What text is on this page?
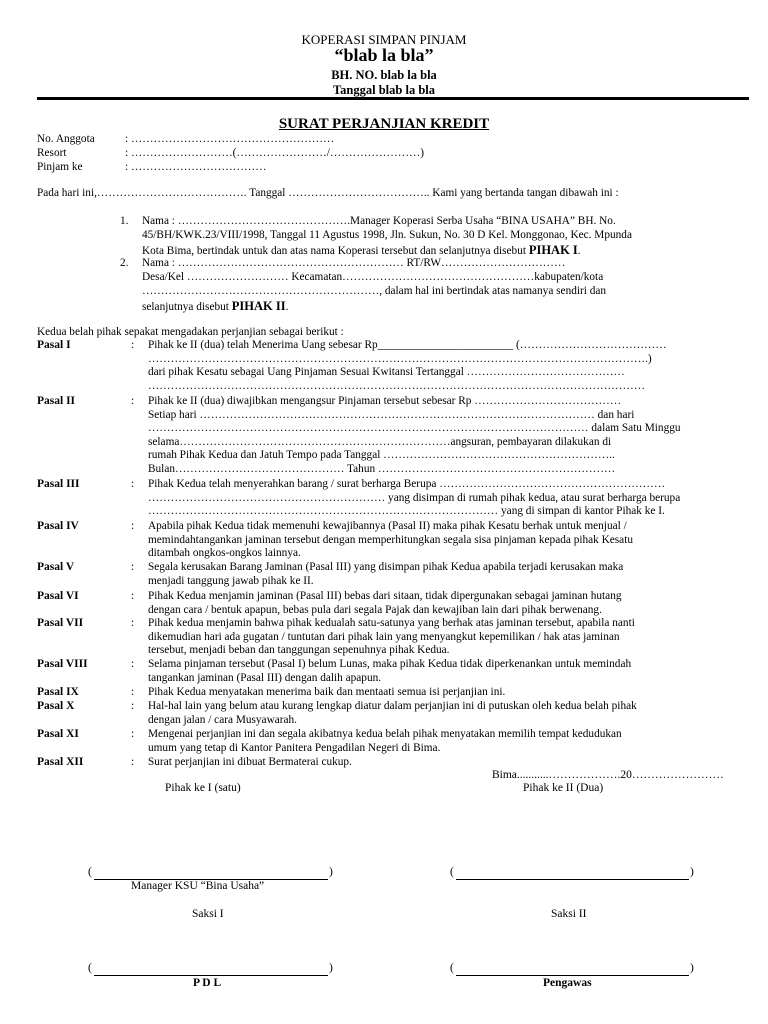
KOPERASI SIMPAN PINJAM
“blab la bla”
BH. NO. blab la bla
Tanggal blab la bla
SURAT PERJANJIAN KREDIT
No. Anggota	: ………………………………………………
Resort	: ………………………(……………………/……………………)
Pinjam ke	: ………………………………
Pada hari ini,…………………………………. Tanggal ……………………………….. Kami yang bertanda tangan dibawah ini :
1. Nama : ……………………………………….Manager Koperasi Serba Usaha “BINA USAHA” BH. No.
45/BH/KWK.23/VIII/1998, Tanggal 11 Agustus 1998, Jln. Sukun, No. 30 D Kel. Monggonao, Kec. Mpunda
Kota Bima, bertindak untuk dan atas nama Koperasi tersebut dan selanjutnya disebut PIHAK I.
2. Nama : …………………………………………………… RT/RW……………………………
Desa/Kel ……………………… Kecamatan……………………………………………kabupaten/kota
………………………………………………………, dalam hal ini bertindak atas namanya sendiri dan
selanjutnya disebut PIHAK II.
Kedua belah pihak sepakat mengadakan perjanjian sebagai berikut :
Pasal I	: Pihak ke II (dua) telah Menerima Uang sebesar Rp________________________ (…………………………………
…………………………………………………………………………………………………………………….)
dari pihak Kesatu sebagai Uang Pinjaman Sesuai Kwitansi Tertanggal ……………………………………
……………………………………………………………………………………………………………………
Pasal II	: Pihak ke II (dua) diwajibkan mengangsur Pinjaman tersebut sebesar Rp …………………………………
Setiap hari …………………………………………………………………………………………… dan hari
……………………………………………………………………………………………………… dalam Satu Minggu
selama………………………………………………………………angsuran, pembayaran dilakukan di
rumah Pihak Kedua dan Jatuh Tempo pada Tanggal ……………………………………………………..
Bulan……………………………………… Tahun ………………………………………………………
Pasal III	: Pihak Kedua telah menyerahkan barang / surat berharga Berupa ……………………………………………………
……………………………………………………… yang disimpan di rumah pihak kedua, atau surat berharga berupa
………………………………………………………………………………… yang di simpan di kantor Pihak ke I.
Pasal IV	: Apabila pihak Kedua tidak memenuhi kewajibannya (Pasal II) maka pihak Kesatu berhak untuk menjual /
memindahtangankan jaminan tersebut dengan memperhitungkan segala sisa pinjaman kepada pihak Kesatu
ditambah ongkos-ongkos lainnya.
Pasal V	: Segala kerusakan Barang Jaminan (Pasal III) yang disimpan pihak Kedua apabila terjadi kerusakan maka
menjadi tanggung jawab pihak ke II.
Pasal VI	: Pihak Kedua menjamin jaminan (Pasal III) bebas dari sitaan, tidak dipergunakan sebagai jaminan hutang
dengan cara / bentuk apapun, bebas pula dari segala Pajak dan kewajiban lain dari pihak berwenang.
Pasal VII	: Pihak kedua menjamin bahwa pihak kedualah satu-satunya yang berhak atas jaminan tersebut, apabila nanti
dikemudian hari ada gugatan / tuntutan dari pihak lain yang menyangkut kepemilikan / hak atas jaminan
tersebut, menjadi beban dan tanggungan sepenuhnya pihak Kedua.
Pasal VIII	: Selama pinjaman tersebut (Pasal I) belum Lunas, maka pihak Kedua tidak diperkenankan untuk memindah
tangankan jaminan (Pasal III) dengan dalih apapun.
Pasal IX	: Pihak Kedua menyatakan menerima baik dan mentaati semua isi perjanjian ini.
Pasal X	: Hal-hal lain yang belum atau kurang lengkap diatur dalam perjanjian ini di putuskan oleh kedua belah pihak
dengan jalan / cara Musyawarah.
Pasal XI	: Mengenai perjanjian ini dan segala akibatnya kedua belah pihak menyatakan memilih tempat kedudukan
umum yang tetap di Kantor Panitera Pengadilan Negeri di Bima.
Pasal XII	: Surat perjanjian ini dibuat Bermaterai cukup.
Bima...........……………….20……………………
Pihak ke I (satu)	Pihak ke II (Dua)
(	)	(	)
Manager KSU “Bina Usaha”
Saksi I	Saksi II
(	)	(	)
P D L	Pengawas
